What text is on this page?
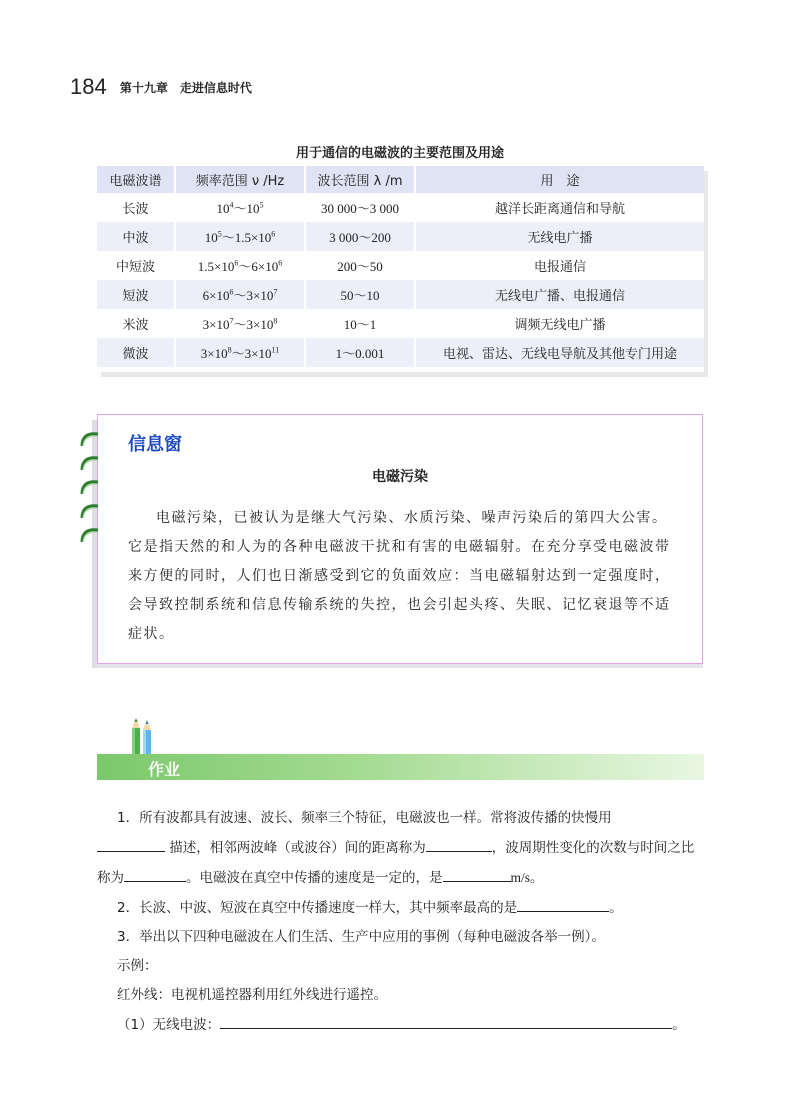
184 第十九章　走进信息时代
用于通信的电磁波的主要范围及用途
电磁波谱	频率范围 ν /Hz	波长范围 λ /m	用　途
长波	$10^4\sim 10^5$	30 000～3 000	越洋长距离通信和导航
中波	$10^5\sim 1.5\times 10^6$	3 000～200	无线电广播
中短波	$1.5\times 10^6\sim 6\times 10^6$	200～50	电报通信
短波	$6\times 10^6\sim 3\times 10^7$	50～10	无线电广播、电报通信
米波	$3\times 10^7\sim 3\times 10^8$	10～1	调频无线电广播
微波	$3\times 10^8\sim 3\times 10^{11}$	1～0.001	电视、雷达、无线电导航及其他专门用途

信息窗
电磁污染

电磁污染，已被认为是继大气污染、水质污染、噪声污染后的第四大公害。它是指天然的和人为的各种电磁波干扰和有害的电磁辐射。在充分享受电磁波带来方便的同时，人们也日渐感受到它的负面效应：当电磁辐射达到一定强度时，会导致控制系统和信息传输系统的失控，也会引起头疼、失眠、记忆衰退等不适症状。

作业

1．所有波都具有波速、波长、频率三个特征，电磁波也一样。常将波传播的快慢用

描述，相邻两波峰（或波谷）间的距离称为	，波周期性变化的次数与时间之比称为	。电磁波在真空中传播的速度是一定的，是	m/s。

2．长波、中波、短波在真空中传播速度一样大，其中频率最高的是	。

3．举出以下四种电磁波在人们生活、生产中应用的事例（每种电磁波各举一例）。

示例：

红外线：电视机遥控器利用红外线进行遥控。

（1）无线电波：	。
